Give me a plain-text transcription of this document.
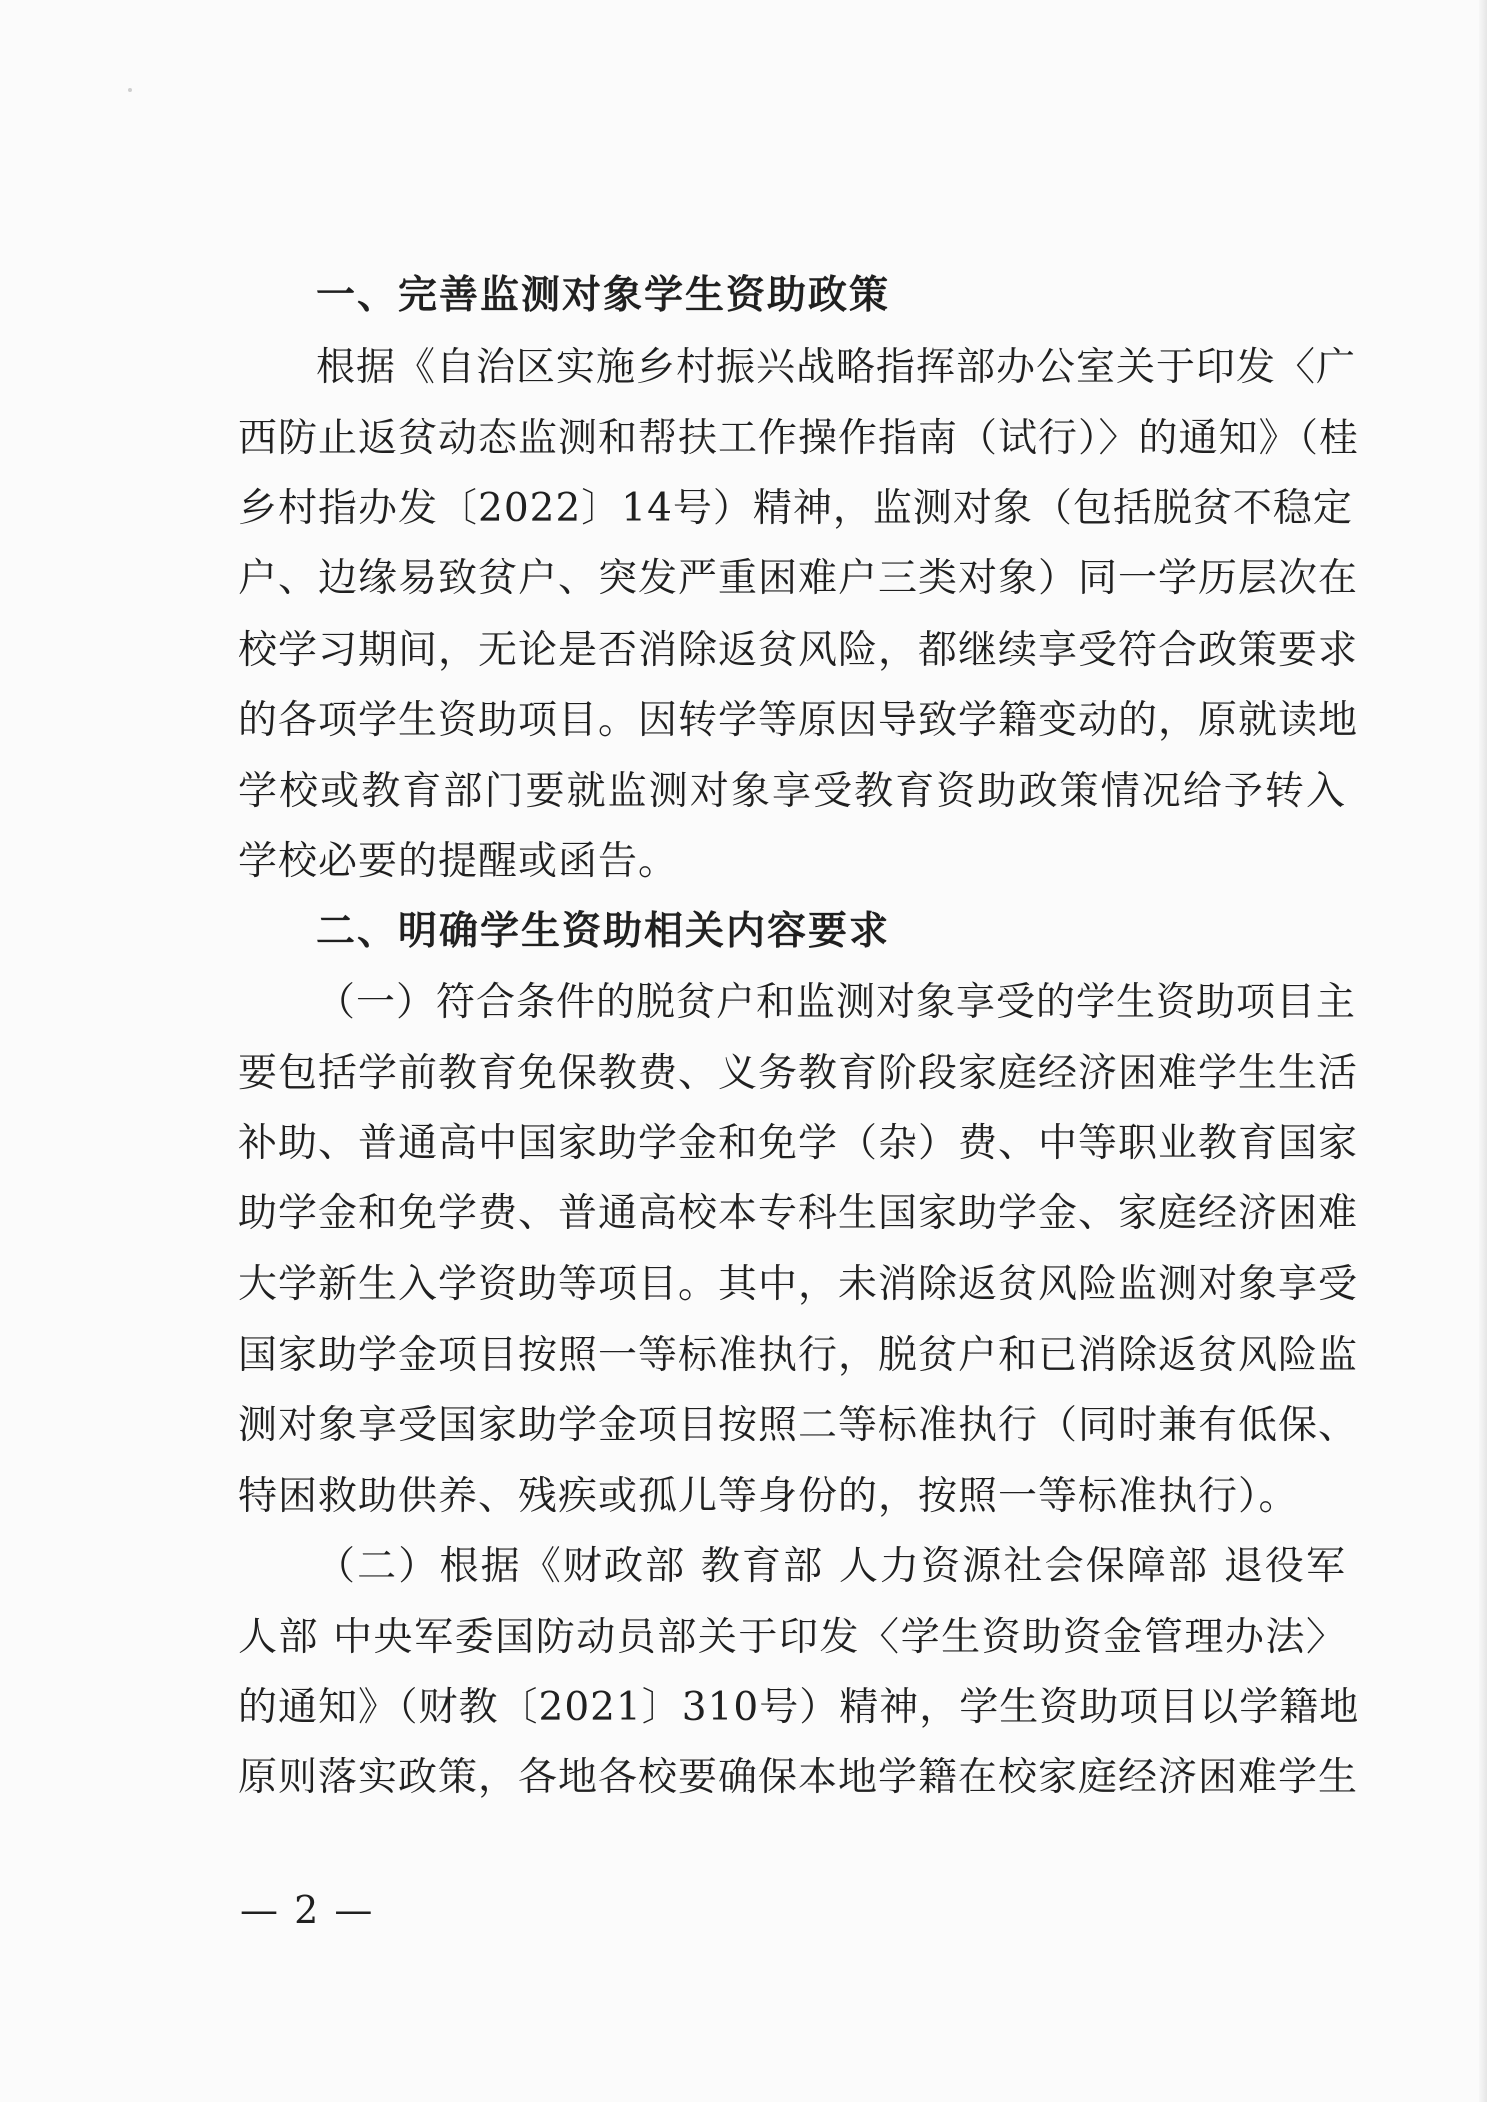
一、完善监测对象学生资助政策
根据《自治区实施乡村振兴战略指挥部办公室关于印发〈广
西防止返贫动态监测和帮扶工作操作指南（试行）〉的通知》（桂
乡村指办发〔2022〕14号）精神，监测对象（包括脱贫不稳定
户、边缘易致贫户、突发严重困难户三类对象）同一学历层次在
校学习期间，无论是否消除返贫风险，都继续享受符合政策要求
的各项学生资助项目。因转学等原因导致学籍变动的，原就读地
学校或教育部门要就监测对象享受教育资助政策情况给予转入
学校必要的提醒或函告。
二、明确学生资助相关内容要求
（一）符合条件的脱贫户和监测对象享受的学生资助项目主
要包括学前教育免保教费、义务教育阶段家庭经济困难学生生活
补助、普通高中国家助学金和免学（杂）费、中等职业教育国家
助学金和免学费、普通高校本专科生国家助学金、家庭经济困难
大学新生入学资助等项目。其中，未消除返贫风险监测对象享受
国家助学金项目按照一等标准执行，脱贫户和已消除返贫风险监
测对象享受国家助学金项目按照二等标准执行（同时兼有低保、
特困救助供养、残疾或孤儿等身份的，按照一等标准执行）。
（二）根据《财政部 教育部 人力资源社会保障部 退役军
人部 中央军委国防动员部关于印发〈学生资助资金管理办法〉
的通知》（财教〔2021〕310号）精神，学生资助项目以学籍地
原则落实政策，各地各校要确保本地学籍在校家庭经济困难学生
— 2 —
